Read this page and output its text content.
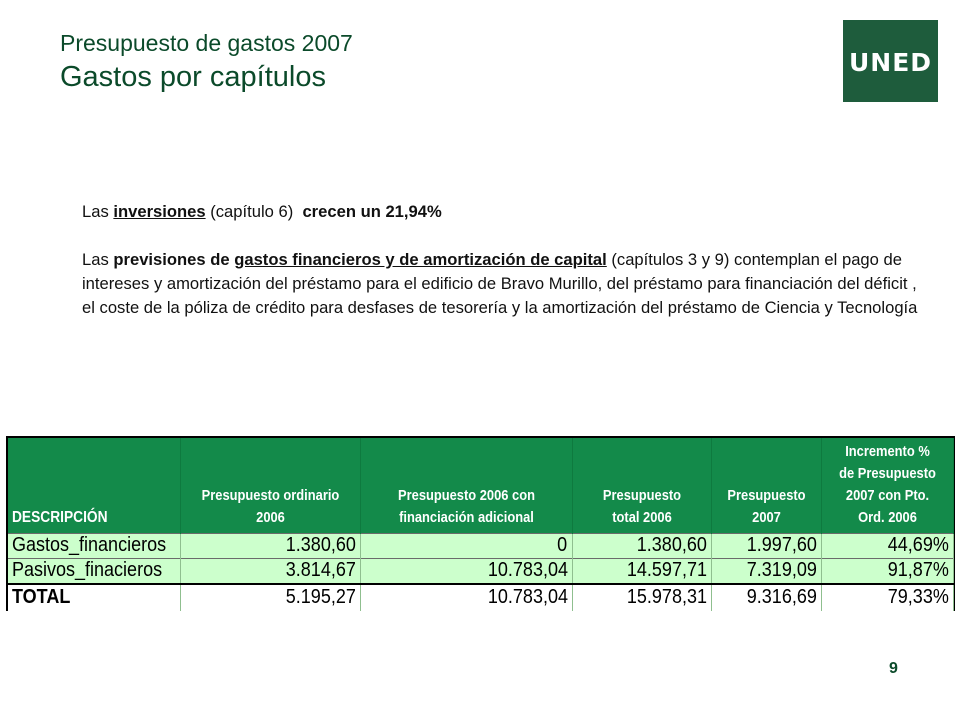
Presupuesto de gastos 2007
Gastos por capítulos	UNED

Las inversiones (capítulo 6)  crecen un 21,94%

Las previsiones de gastos financieros y de amortización de capital (capítulos 3 y 9) contemplan el pago de intereses y amortización del préstamo para el edificio de Bravo Murillo, del préstamo para financiación del déficit , el coste de la póliza de crédito para desfases de tesorería y la amortización del préstamo de Ciencia y Tecnología

DESCRIPCIÓN	Presupuesto ordinario 2006	Presupuesto 2006 con financiación adicional	Presupuesto total 2006	Presupuesto 2007	Incremento % de Presupuesto 2007 con Pto. Ord. 2006
Gastos_financieros	1.380,60	0	1.380,60	1.997,60	44,69%
Pasivos_finacieros	3.814,67	10.783,04	14.597,71	7.319,09	91,87%
TOTAL	5.195,27	10.783,04	15.978,31	9.316,69	79,33%
9
